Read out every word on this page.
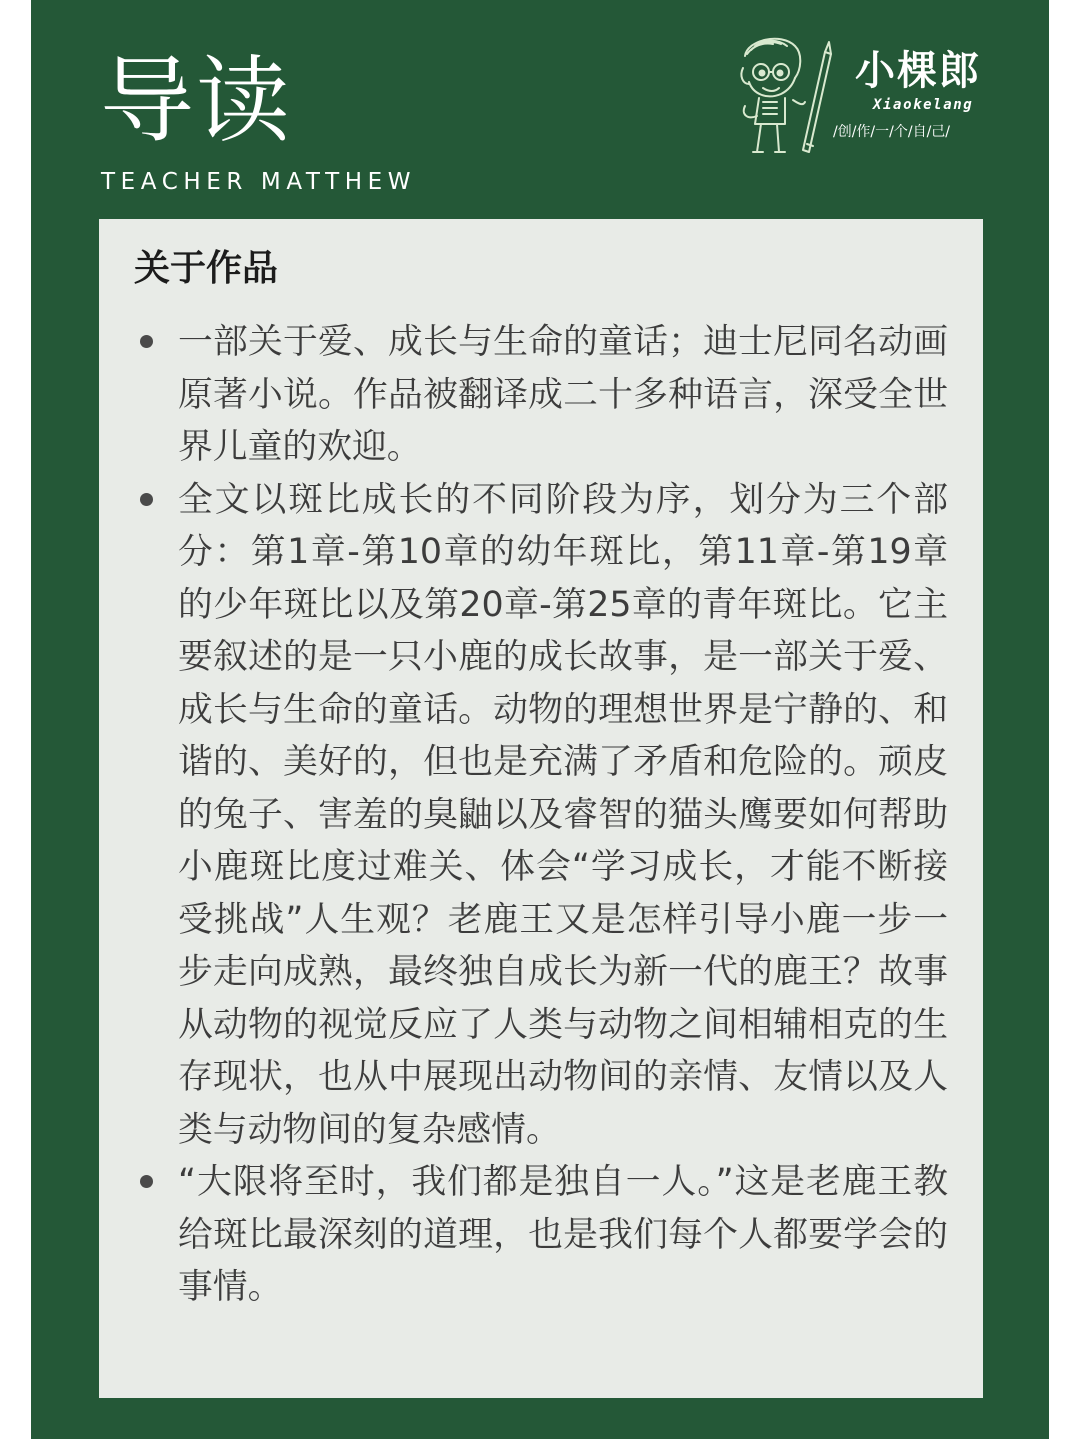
导读
TEACHER MATTHEW
小棵郎
Xiaokelang
/创/作/一/个/自/己/
关于作品
一部关于爱、成长与生命的童话；迪士尼同名动画原著小说。作品被翻译成二十多种语言，深受全世界儿童的欢迎。
全文以斑比成长的不同阶段为序，划分为三个部分：第1章-第10章的幼年斑比，第11章-第19章的少年斑比以及第20章-第25章的青年斑比。它主要叙述的是一只小鹿的成长故事，是一部关于爱、成长与生命的童话。动物的理想世界是宁静的、和谐的、美好的，但也是充满了矛盾和危险的。顽皮的兔子、害羞的臭鼬以及睿智的猫头鹰要如何帮助小鹿斑比度过难关、体会“学习成长，才能不断接受挑战”人生观？老鹿王又是怎样引导小鹿一步一步走向成熟，最终独自成长为新一代的鹿王？故事从动物的视觉反应了人类与动物之间相辅相克的生存现状，也从中展现出动物间的亲情、友情以及人类与动物间的复杂感情。
“大限将至时，我们都是独自一人。”这是老鹿王教给斑比最深刻的道理，也是我们每个人都要学会的事情。
